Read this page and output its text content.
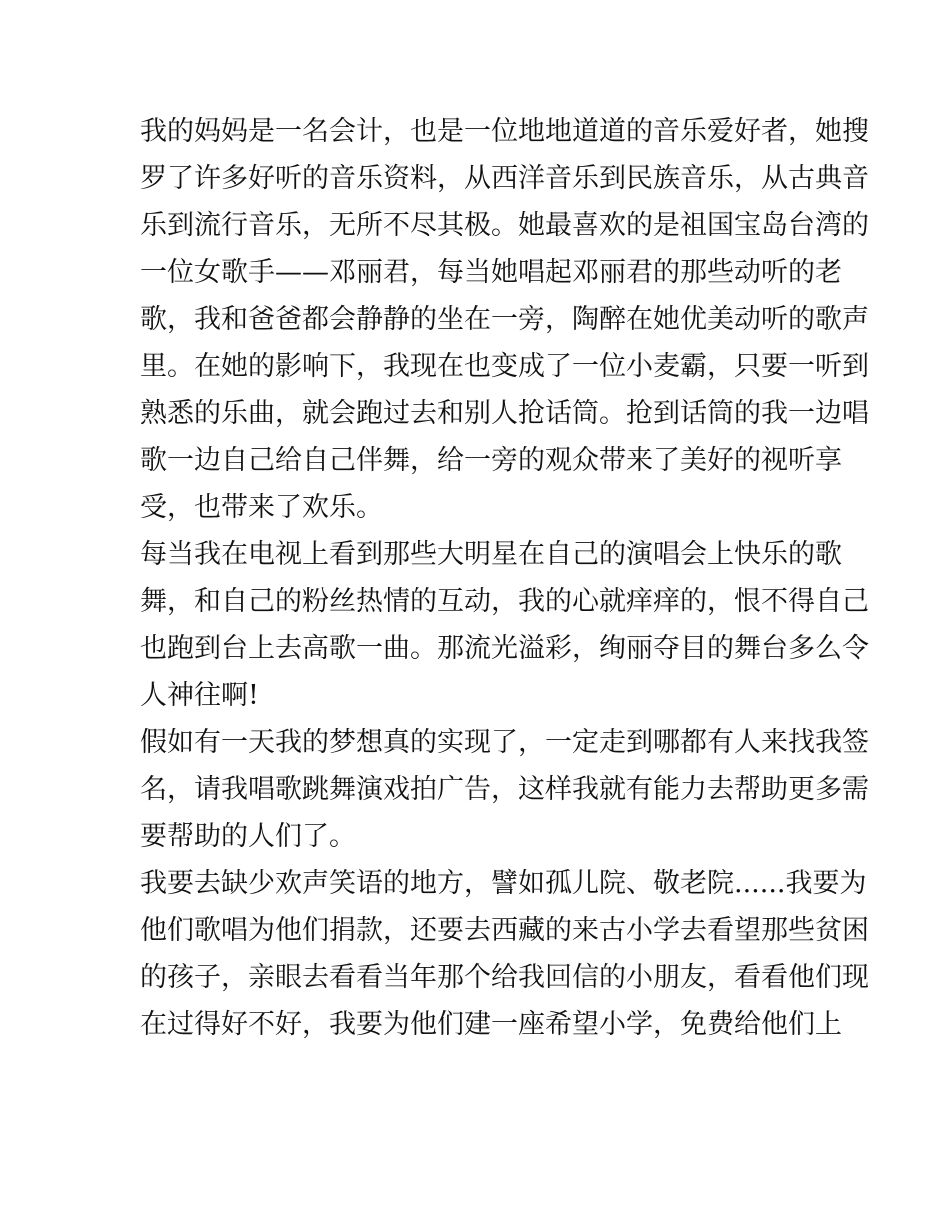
我的妈妈是一名会计，也是一位地地道道的音乐爱好者，她搜
罗了许多好听的音乐资料，从西洋音乐到民族音乐，从古典音
乐到流行音乐，无所不尽其极。她最喜欢的是祖国宝岛台湾的
一位女歌手——邓丽君，每当她唱起邓丽君的那些动听的老
歌，我和爸爸都会静静的坐在一旁，陶醉在她优美动听的歌声
里。在她的影响下，我现在也变成了一位小麦霸，只要一听到
熟悉的乐曲，就会跑过去和别人抢话筒。抢到话筒的我一边唱
歌一边自己给自己伴舞，给一旁的观众带来了美好的视听享
受，也带来了欢乐。
每当我在电视上看到那些大明星在自己的演唱会上快乐的歌
舞，和自己的粉丝热情的互动，我的心就痒痒的，恨不得自己
也跑到台上去高歌一曲。那流光溢彩，绚丽夺目的舞台多么令
人神往啊!
假如有一天我的梦想真的实现了，一定走到哪都有人来找我签
名，请我唱歌跳舞演戏拍广告，这样我就有能力去帮助更多需
要帮助的人们了。
我要去缺少欢声笑语的地方，譬如孤儿院、敬老院......我要为
他们歌唱为他们捐款，还要去西藏的来古小学去看望那些贫困
的孩子，亲眼去看看当年那个给我回信的小朋友，看看他们现
在过得好不好，我要为他们建一座希望小学，免费给他们上
